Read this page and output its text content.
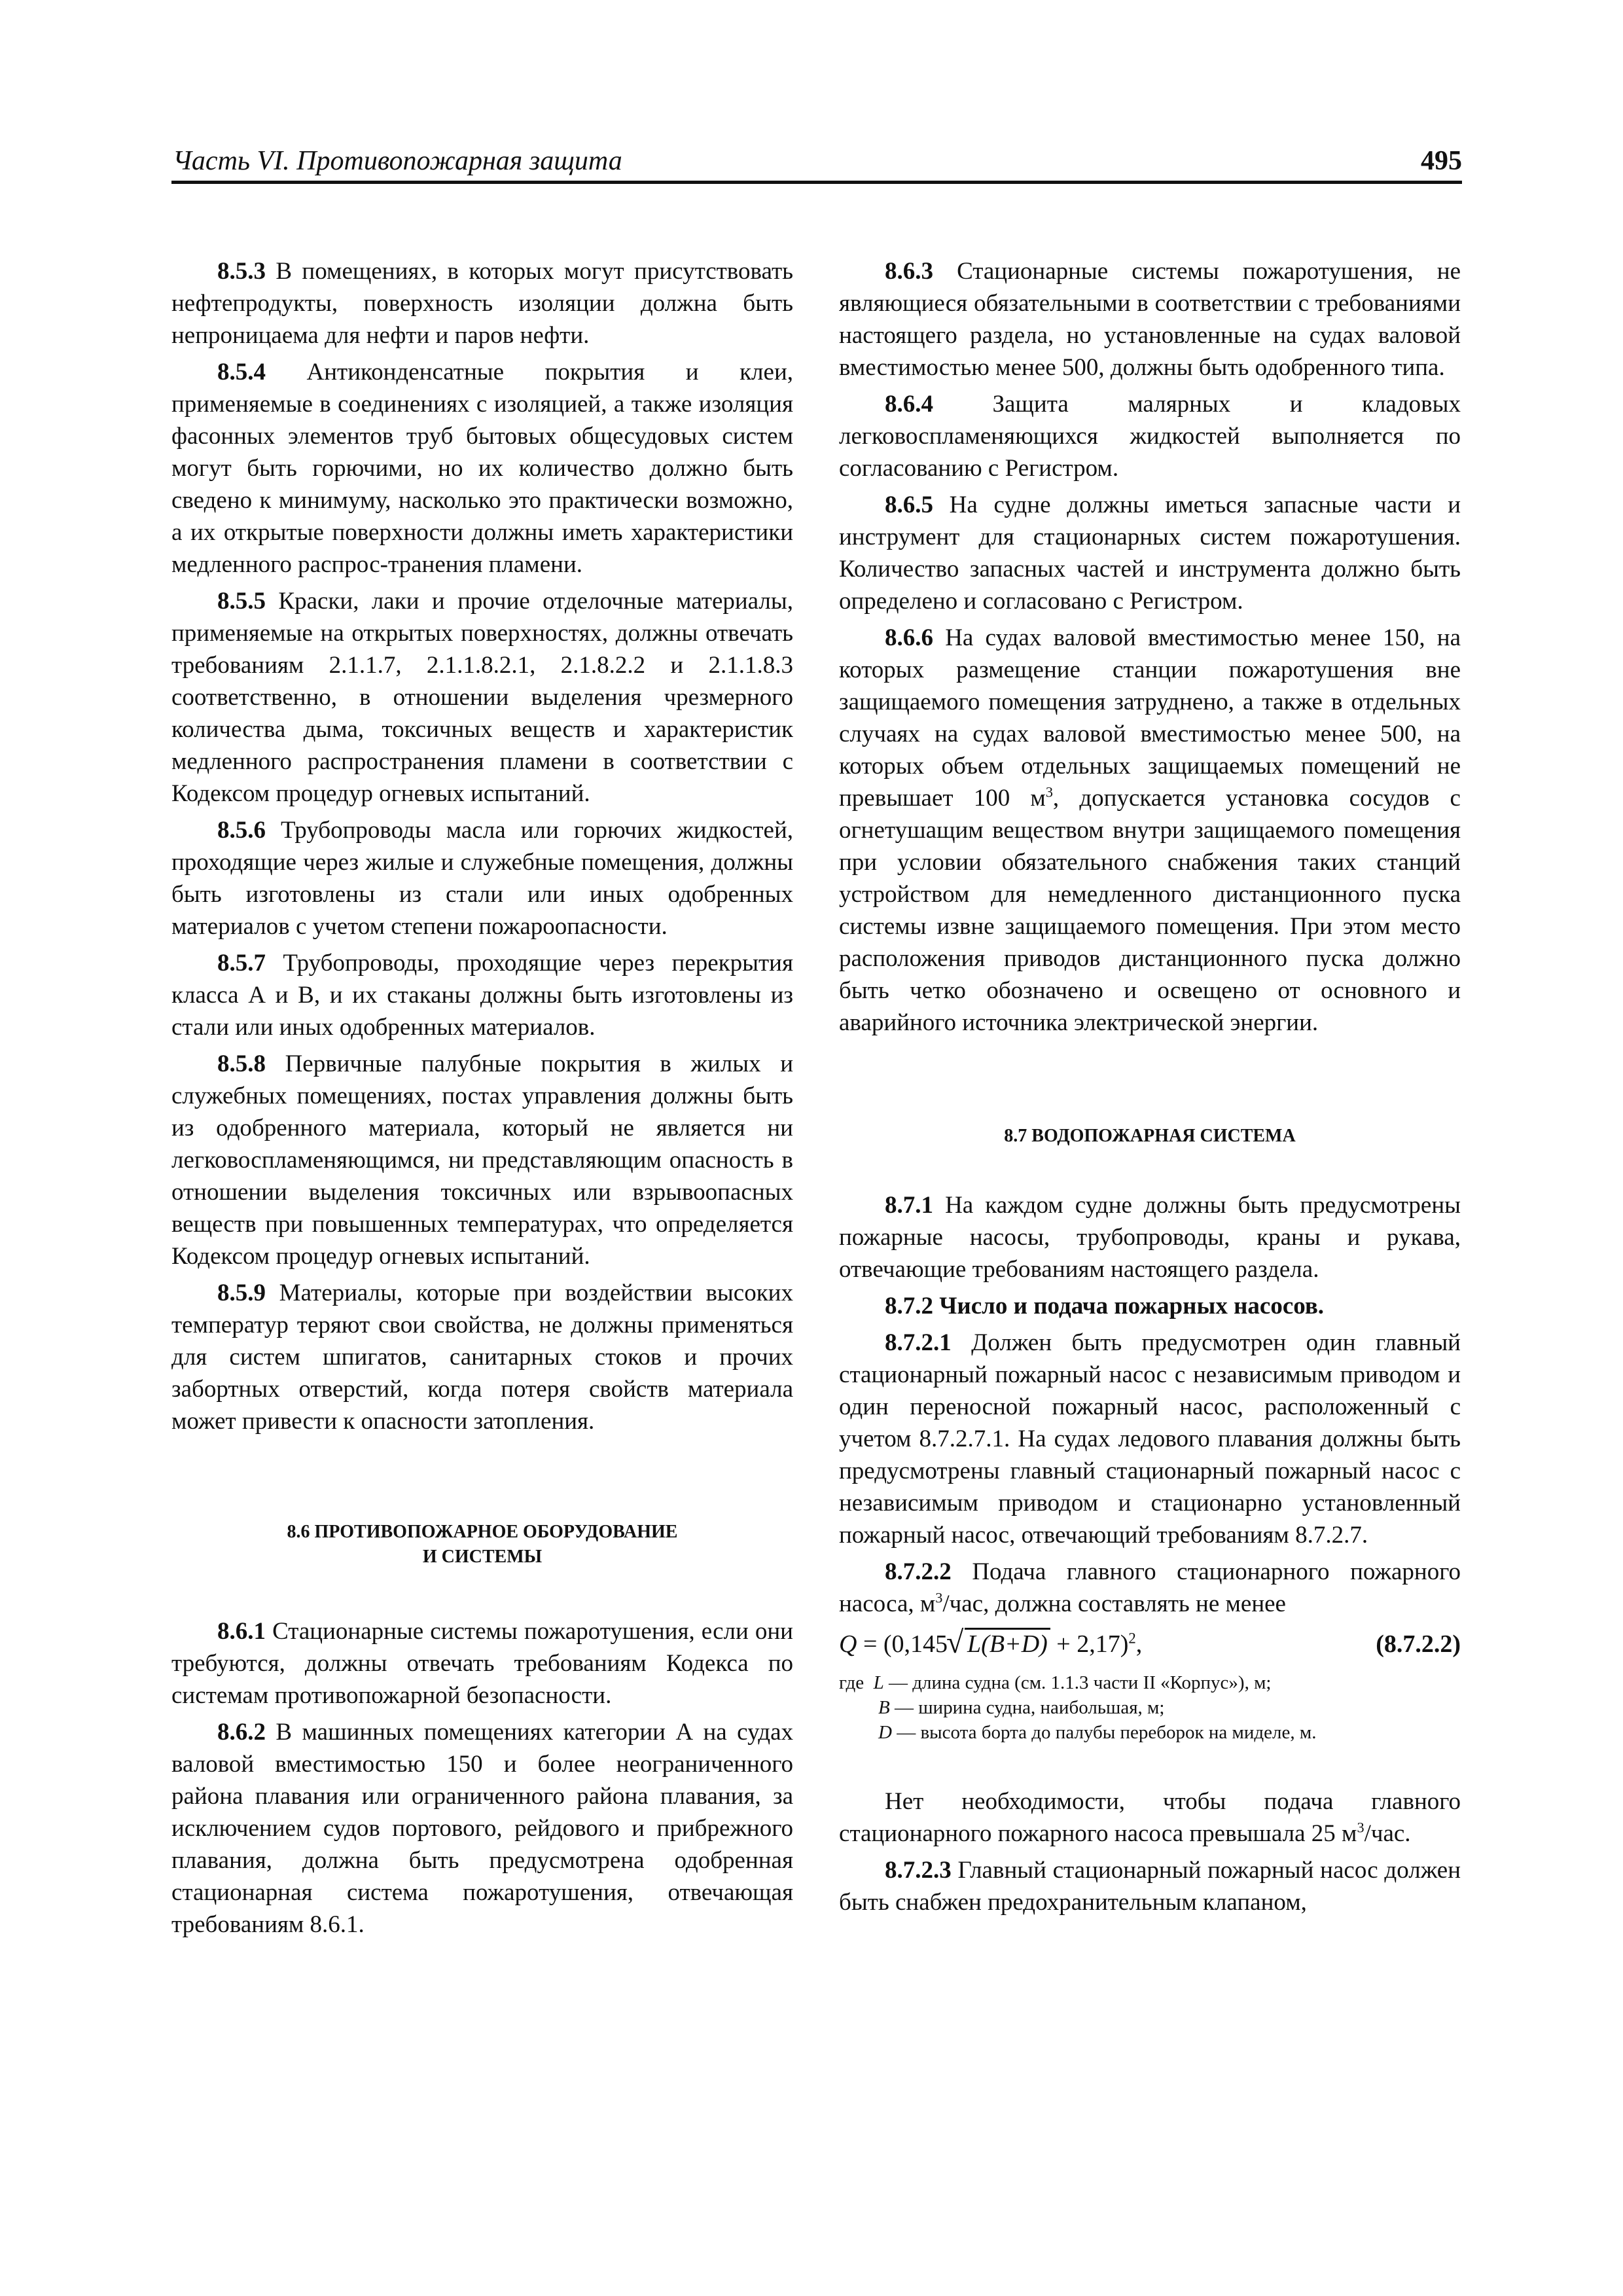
Часть VI. Противопожарная защита	495

8.5.3 В помещениях, в которых могут присутствовать нефтепродукты, поверхность изоляции должна быть непроницаема для нефти и паров нефти.

8.5.4 Антиконденсатные покрытия и клеи, применяемые в соединениях с изоляцией, а также изоляция фасонных элементов труб бытовых общесудовых систем могут быть горючими, но их количество должно быть сведено к минимуму, насколько это практически возможно, а их открытые поверхности должны иметь характеристики медленного распрос-транения пламени.

8.5.5 Краски, лаки и прочие отделочные материалы, применяемые на открытых поверхностях, должны отвечать требованиям 2.1.1.7, 2.1.1.8.2.1, 2.1.8.2.2 и 2.1.1.8.3 соответственно, в отношении выделения чрезмерного количества дыма, токсичных веществ и характеристик медленного распространения пламени в соответствии с Кодексом процедур огневых испытаний.

8.5.6 Трубопроводы масла или горючих жидкостей, проходящие через жилые и служебные помещения, должны быть изготовлены из стали или иных одобренных материалов с учетом степени пожароопасности.

8.5.7 Трубопроводы, проходящие через перекрытия класса А и В, и их стаканы должны быть изготовлены из стали или иных одобренных материалов.

8.5.8 Первичные палубные покрытия в жилых и служебных помещениях, постах управления должны быть из одобренного материала, который не является ни легковоспламеняющимся, ни представляющим опасность в отношении выделения токсичных или взрывоопасных веществ при повышенных температурах, что определяется Кодексом процедур огневых испытаний.

8.5.9 Материалы, которые при воздействии высоких температур теряют свои свойства, не должны применяться для систем шпигатов, санитарных стоков и прочих забортных отверстий, когда потеря свойств материала может привести к опасности затопления.

8.6 ПРОТИВОПОЖАРНОЕ ОБОРУДОВАНИЕ
И СИСТЕМЫ

8.6.1 Стационарные системы пожаротушения, если они требуются, должны отвечать требованиям Кодекса по системам противопожарной безопасности.

8.6.2 В машинных помещениях категории А на судах валовой вместимостью 150 и более неограниченного района плавания или ограниченного района плавания, за исключением судов портового, рейдового и прибрежного плавания, должна быть предусмотрена одобренная стационарная система пожаротушения, отвечающая требованиям 8.6.1.

8.6.3 Стационарные системы пожаротушения, не являющиеся обязательными в соответствии с требованиями настоящего раздела, но установленные на судах валовой вместимостью менее 500, должны быть одобренного типа.

8.6.4 Защита малярных и кладовых легковоспламеняющихся жидкостей выполняется по согласованию с Регистром.

8.6.5 На судне должны иметься запасные части и инструмент для стационарных систем пожаротушения. Количество запасных частей и инструмента должно быть определено и согласовано с Регистром.

8.6.6 На судах валовой вместимостью менее 150, на которых размещение станции пожаротушения вне защищаемого помещения затруднено, а также в отдельных случаях на судах валовой вместимостью менее 500, на которых объем отдельных защищаемых помещений не превышает 100 $м^3$, допускается установка сосудов с огнетушащим веществом внутри защищаемого помещения при условии обязательного снабжения таких станций устройством для немедленного дистанционного пуска системы извне защищаемого помещения. При этом место расположения приводов дистанционного пуска должно быть четко обозначено и освещено от основного и аварийного источника электрической энергии.

8.7 ВОДОПОЖАРНАЯ СИСТЕМА

8.7.1 На каждом судне должны быть предусмотрены пожарные насосы, трубопроводы, краны и рукава, отвечающие требованиям настоящего раздела.

8.7.2 Число и подача пожарных насосов.

8.7.2.1 Должен быть предусмотрен один главный стационарный пожарный насос с независимым приводом и один переносной пожарный насос, расположенный с учетом 8.7.2.7.1. На судах ледового плавания должны быть предусмотрены главный стационарный пожарный насос с независимым приводом и стационарно установленный пожарный насос, отвечающий требованиям 8.7.2.7.

8.7.2.2 Подача главного стационарного пожарного насоса, $м^3$/час, должна составлять не менее

Q = (0,145√ L(B+D) + 2,17)$^2$,	(8.7.2.2)
где L — длина судна (см. 1.1.3 части II «Корпус»), м;
B — ширина судна, наибольшая, м;
D — высота борта до палубы переборок на миделе, м.

Нет необходимости, чтобы подача главного стационарного пожарного насоса превышала 25 $м^3$/час.

8.7.2.3 Главный стационарный пожарный насос должен быть снабжен предохранительным клапаном,
